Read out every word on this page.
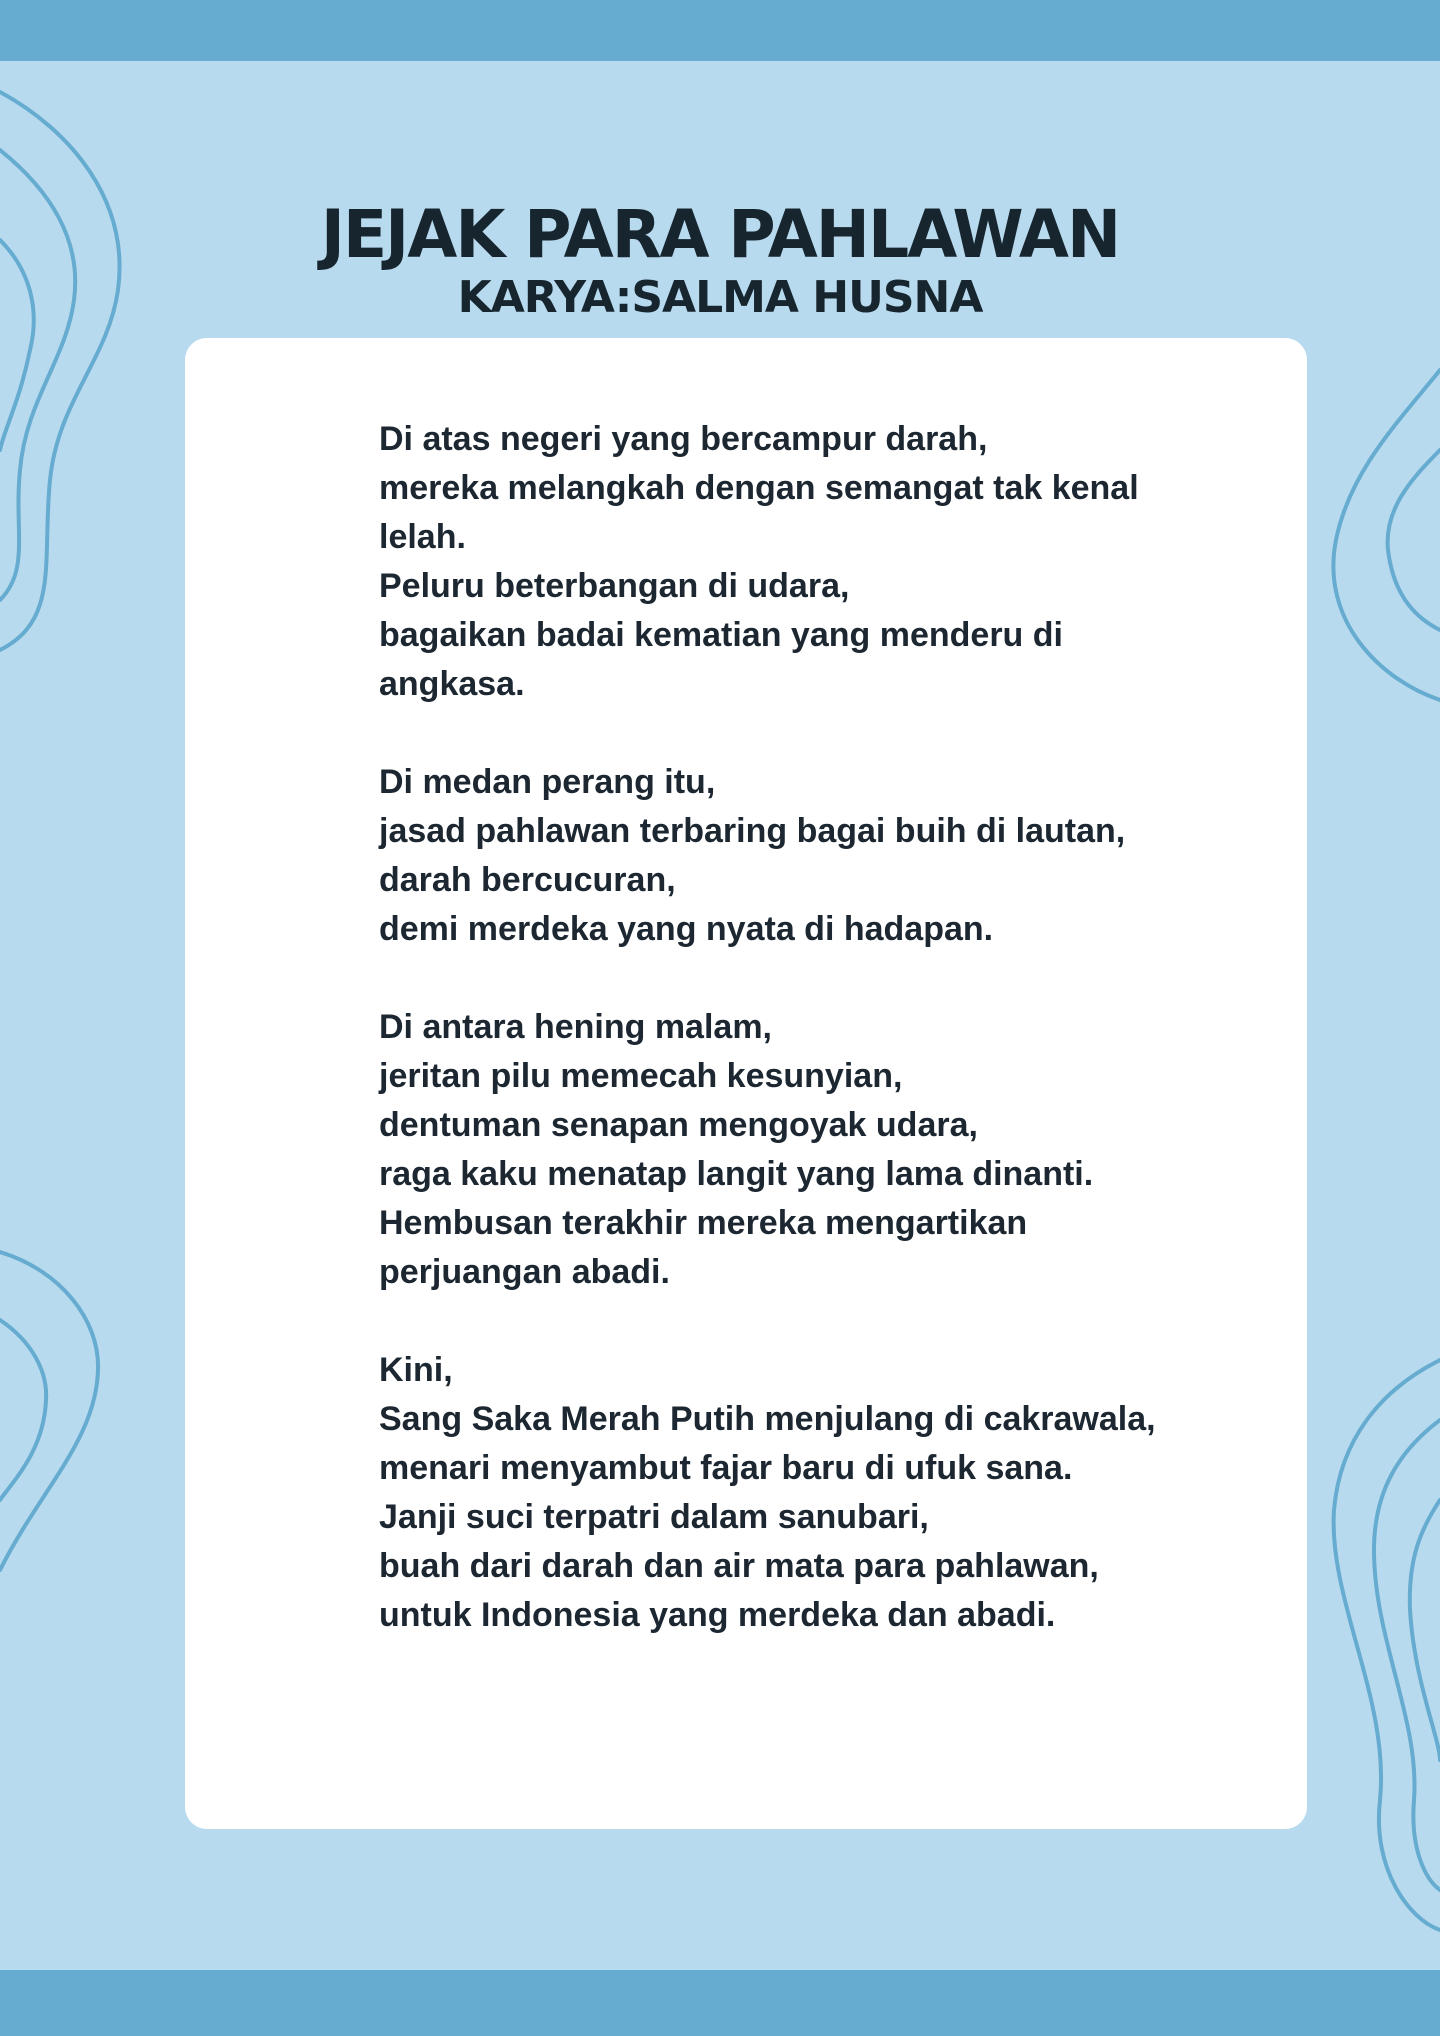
JEJAK PARA PAHLAWAN
KARYA:SALMA HUSNA

Di atas negeri yang bercampur darah,
mereka melangkah dengan semangat tak kenal lelah.
Peluru beterbangan di udara,
bagaikan badai kematian yang menderu di angkasa.

Di medan perang itu,
jasad pahlawan terbaring bagai buih di lautan,
darah bercucuran,
demi merdeka yang nyata di hadapan.

Di antara hening malam,
jeritan pilu memecah kesunyian,
dentuman senapan mengoyak udara,
raga kaku menatap langit yang lama dinanti.
Hembusan terakhir mereka mengartikan perjuangan abadi.

Kini,
Sang Saka Merah Putih menjulang di cakrawala,
menari menyambut fajar baru di ufuk sana.
Janji suci terpatri dalam sanubari,
buah dari darah dan air mata para pahlawan,
untuk Indonesia yang merdeka dan abadi.
